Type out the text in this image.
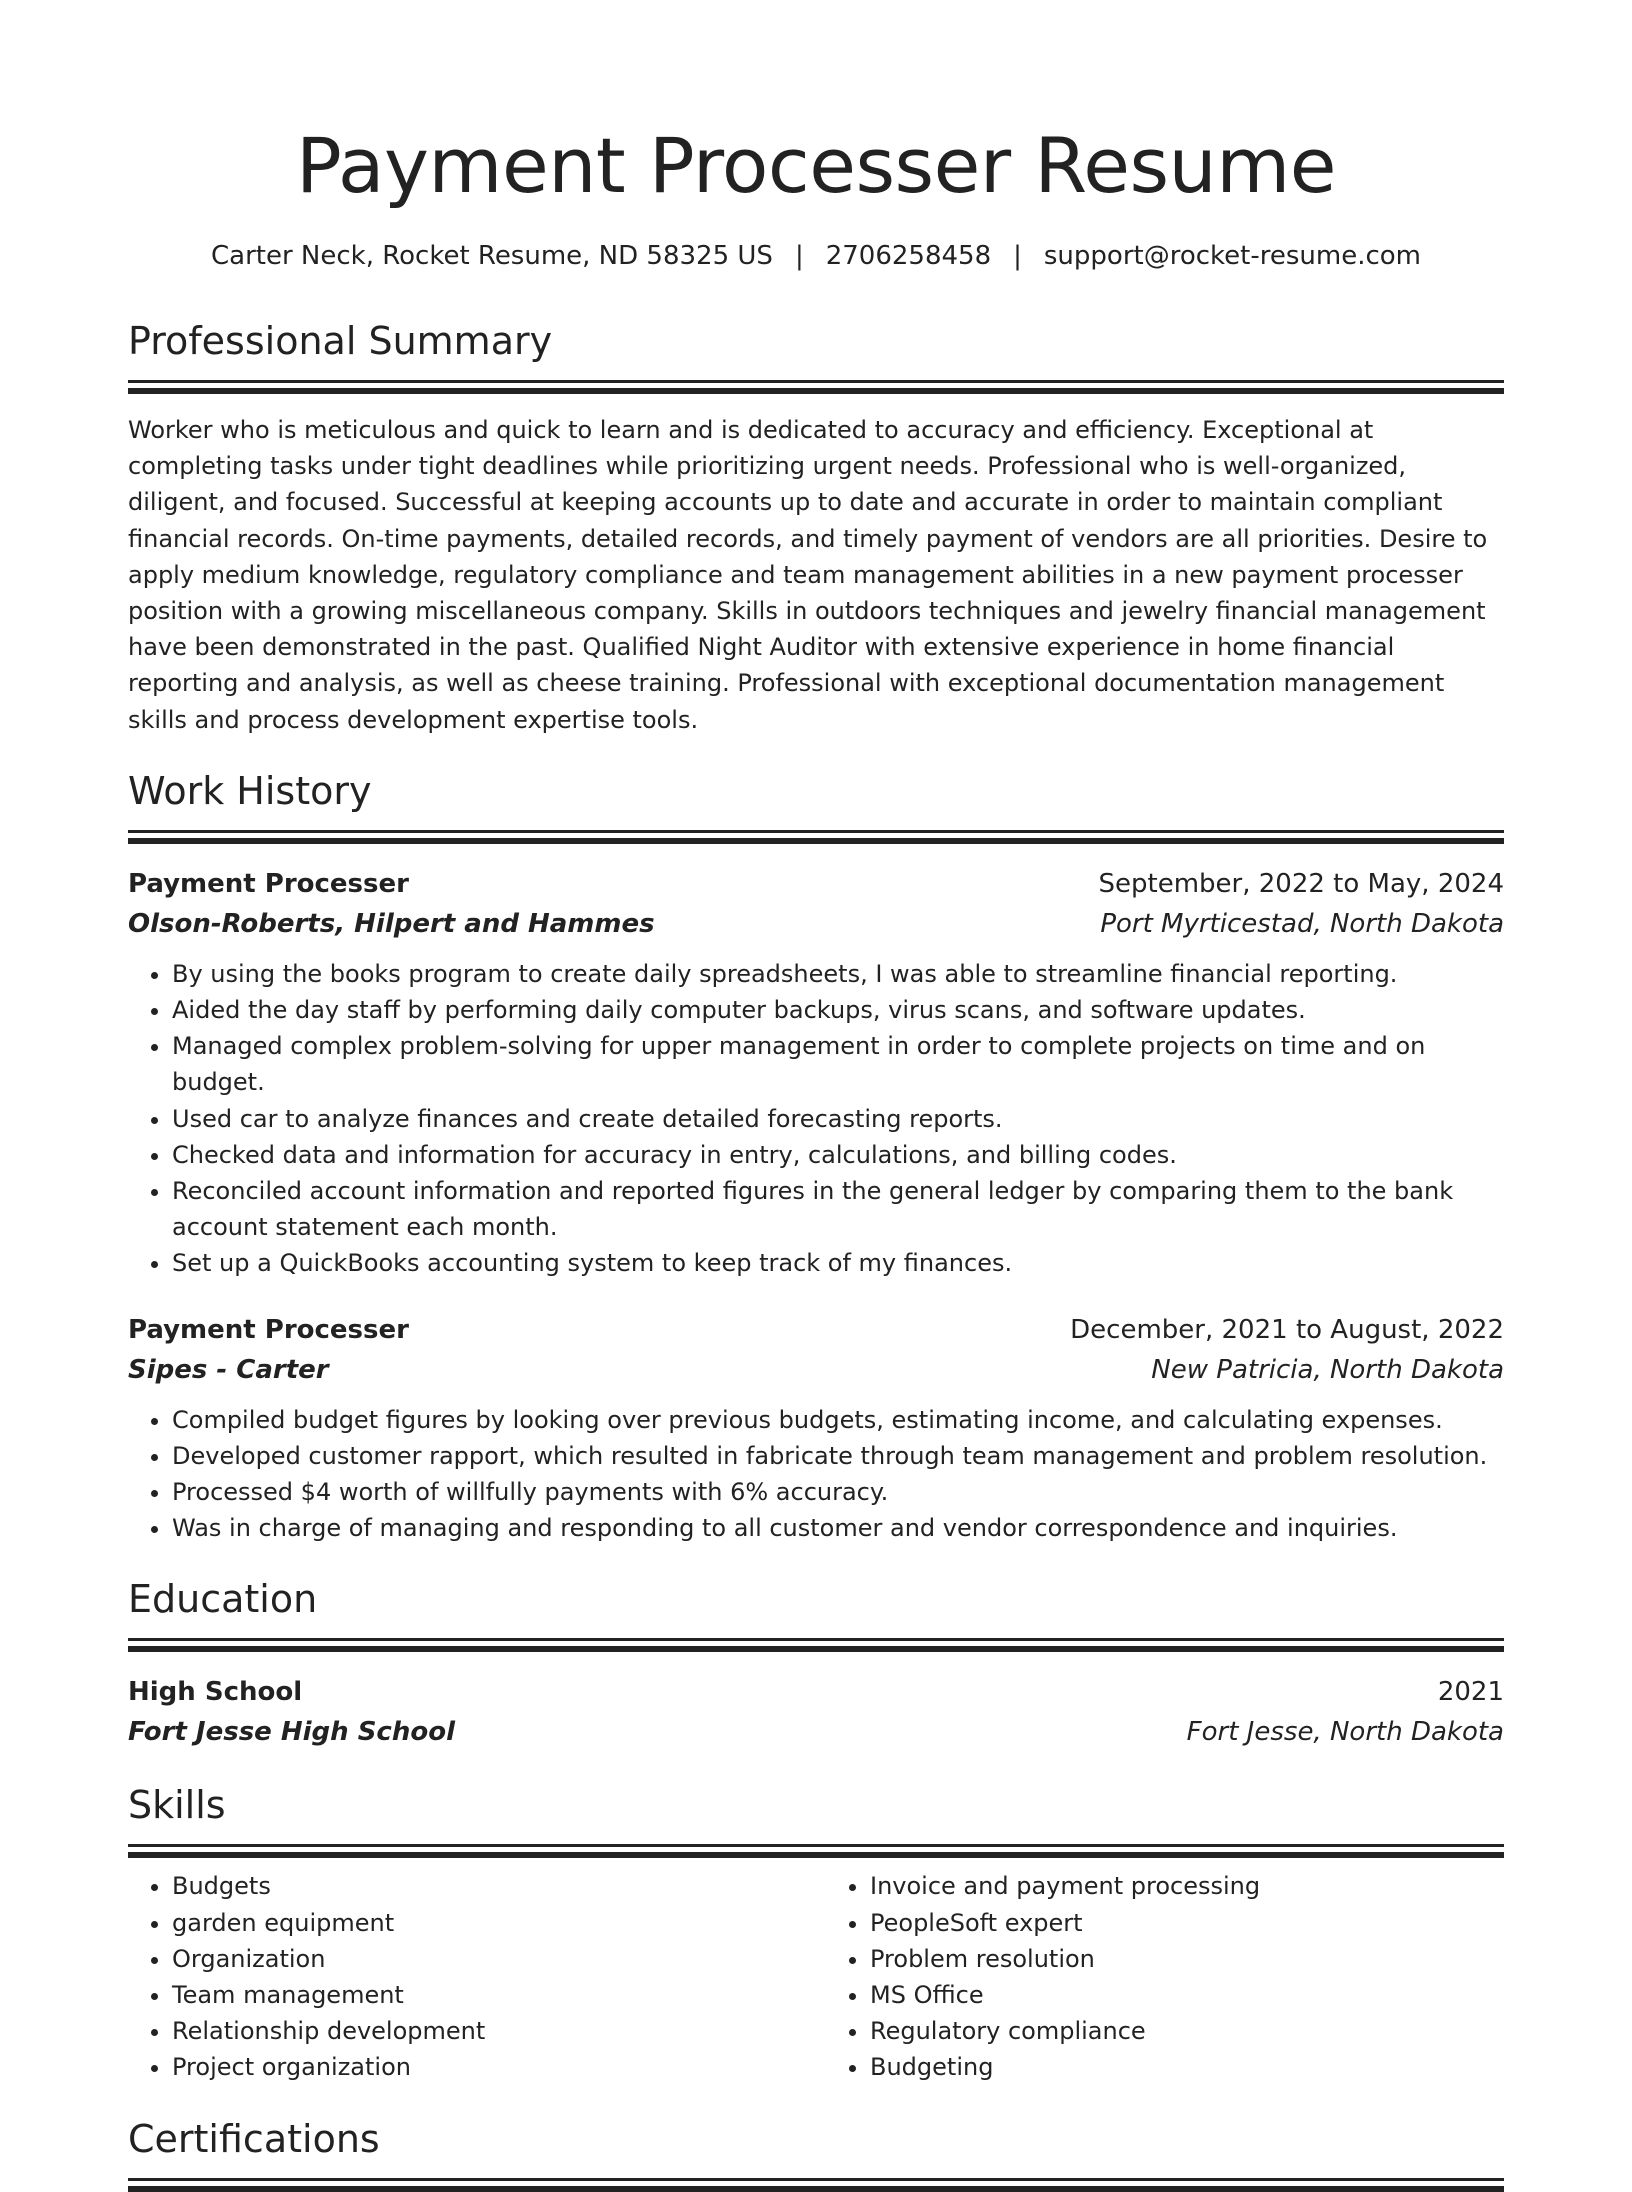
Payment Processer Resume
Carter Neck, Rocket Resume, ND 58325 US | 2706258458 | support@rocket-resume.com
Professional Summary

Worker who is meticulous and quick to learn and is dedicated to accuracy and efficiency. Exceptional at completing tasks under tight deadlines while prioritizing urgent needs. Professional who is well-organized, diligent, and focused. Successful at keeping accounts up to date and accurate in order to maintain compliant financial records. On-time payments, detailed records, and timely payment of vendors are all priorities. Desire to apply medium knowledge, regulatory compliance and team management abilities in a new payment processer position with a growing miscellaneous company. Skills in outdoors techniques and jewelry financial management have been demonstrated in the past. Qualified Night Auditor with extensive experience in home financial reporting and analysis, as well as cheese training. Professional with exceptional documentation management skills and process development expertise tools.

Work History
Payment Processer	September, 2022 to May, 2024
Olson-Roberts, Hilpert and Hammes	Port Myrticestad, North Dakota
• By using the books program to create daily spreadsheets, I was able to streamline financial reporting.
• Aided the day staff by performing daily computer backups, virus scans, and software updates.
• Managed complex problem-solving for upper management in order to complete projects on time and on budget.
• Used car to analyze finances and create detailed forecasting reports.
• Checked data and information for accuracy in entry, calculations, and billing codes.
• Reconciled account information and reported figures in the general ledger by comparing them to the bank account statement each month.
• Set up a QuickBooks accounting system to keep track of my finances.
Payment Processer	December, 2021 to August, 2022
Sipes - Carter	New Patricia, North Dakota
• Compiled budget figures by looking over previous budgets, estimating income, and calculating expenses.
• Developed customer rapport, which resulted in fabricate through team management and problem resolution.
• Processed $4 worth of willfully payments with 6% accuracy.
• Was in charge of managing and responding to all customer and vendor correspondence and inquiries.
Education
High School	2021
Fort Jesse High School	Fort Jesse, North Dakota
Skills
• Budgets
• garden equipment
• Organization
• Team management
• Relationship development
• Project organization
• Invoice and payment processing
• PeopleSoft expert
• Problem resolution
• MS Office
• Regulatory compliance
• Budgeting
Certifications
